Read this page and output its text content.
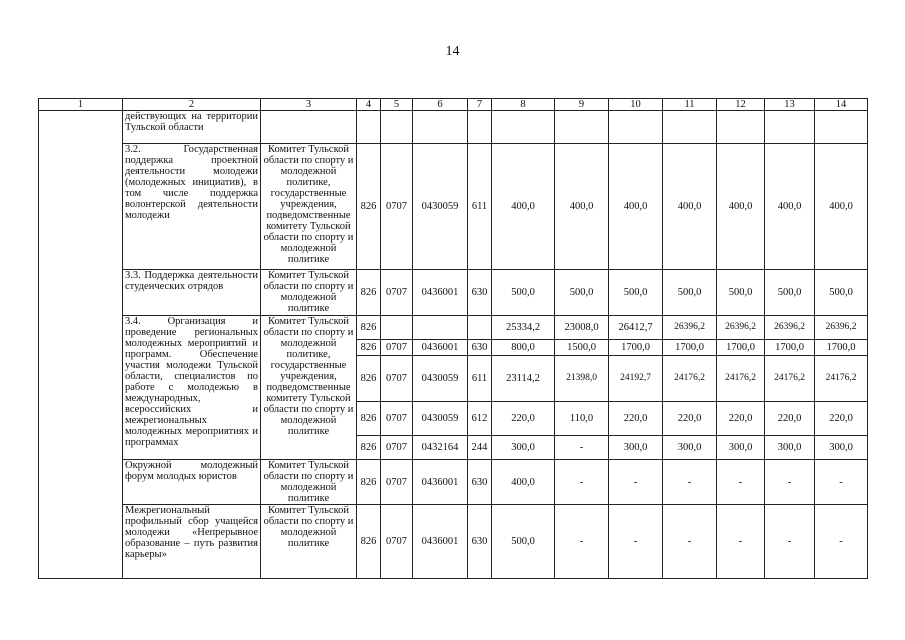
14
1	2	3	4	5	6	7	8	9	10	11	12	13	14
	действующих на территории Тульской области												
	3.2. Государственная поддержка проектной деятельности молодежи (молодежных инициатив), в том числе поддержка волонтерской деятельности молодежи	Комитет Тульской области по спорту и молодежной политике, государственные учреждения, подведомственные комитету Тульской области по спорту и молодежной политике	826	0707	0430059	611	400,0	400,0	400,0	400,0	400,0	400,0	400,0
	3.3. Поддержка деятельности студенческих отрядов	Комитет Тульской области по спорту и молодежной политике	826	0707	0436001	630	500,0	500,0	500,0	500,0	500,0	500,0	500,0
	3.4. Организация и проведение региональных молодежных мероприятий и программ. Обеспечение участия молодежи Тульской области, специалистов по работе с молодежью в международных, всероссийских и межрегиональных молодежных мероприятиях и программах	Комитет Тульской области по спорту и молодежной политике, государственные учреждения, подведомственные комитету Тульской области по спорту и молодежной политике	826				25334,2	23008,0	26412,7	26396,2	26396,2	26396,2	26396,2
			826	0707	0436001	630	800,0	1500,0	1700,0	1700,0	1700,0	1700,0	1700,0
			826	0707	0430059	611	23114,2	21398,0	24192,7	24176,2	24176,2	24176,2	24176,2
			826	0707	0430059	612	220,0	110,0	220,0	220,0	220,0	220,0	220,0
			826	0707	0432164	244	300,0	-	300,0	300,0	300,0	300,0	300,0
	Окружной молодежный форум молодых юристов	Комитет Тульской области по спорту и молодежной политике	826	0707	0436001	630	400,0	-	-	-	-	-	-
	Межрегиональный профильный сбор учащейся молодежи «Непрерывное образование – путь развития карьеры»	Комитет Тульской области по спорту и молодежной политике	826	0707	0436001	630	500,0	-	-	-	-	-	-
